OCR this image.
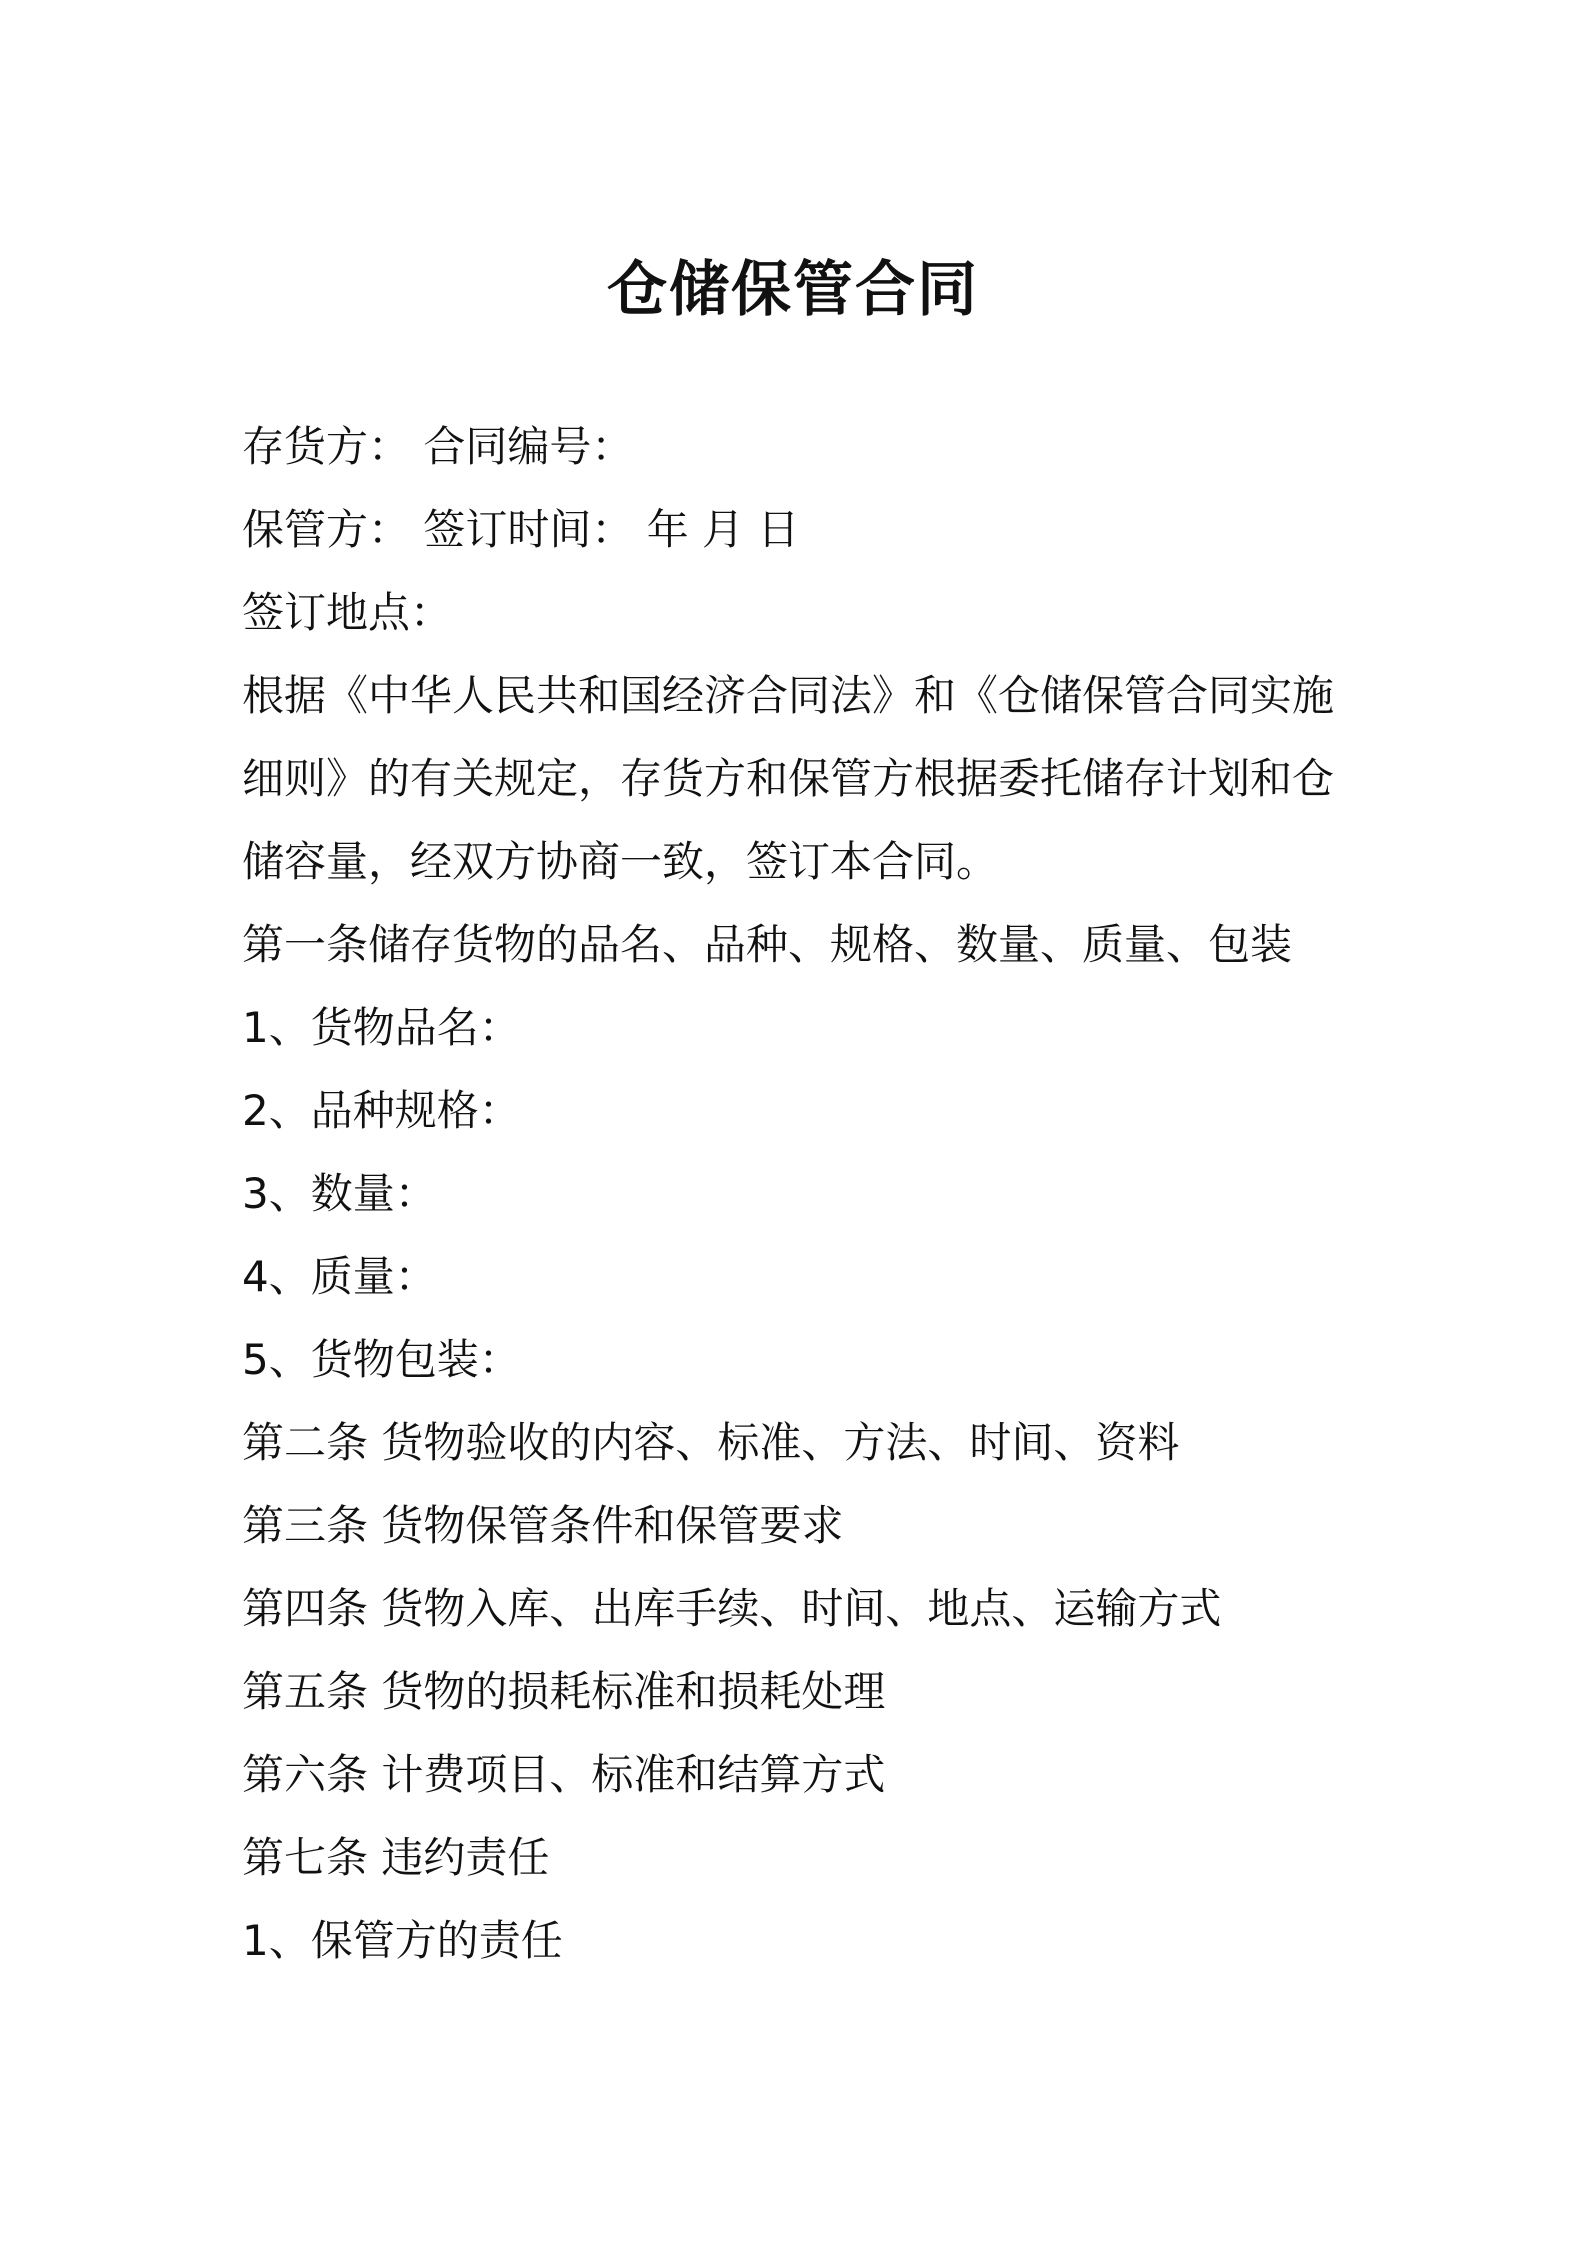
仓储保管合同
存货方： 合同编号：
保管方： 签订时间： 年 月 日
签订地点：
根据《中华人民共和国经济合同法》和《仓储保管合同实施
细则》的有关规定，存货方和保管方根据委托储存计划和仓
储容量，经双方协商一致，签订本合同。
第一条储存货物的品名、品种、规格、数量、质量、包装
1、货物品名：
2、品种规格：
3、数量：
4、质量：
5、货物包装：
第二条 货物验收的内容、标准、方法、时间、资料
第三条 货物保管条件和保管要求
第四条 货物入库、出库手续、时间、地点、运输方式
第五条 货物的损耗标准和损耗处理
第六条 计费项目、标准和结算方式
第七条 违约责任
1、保管方的责任
